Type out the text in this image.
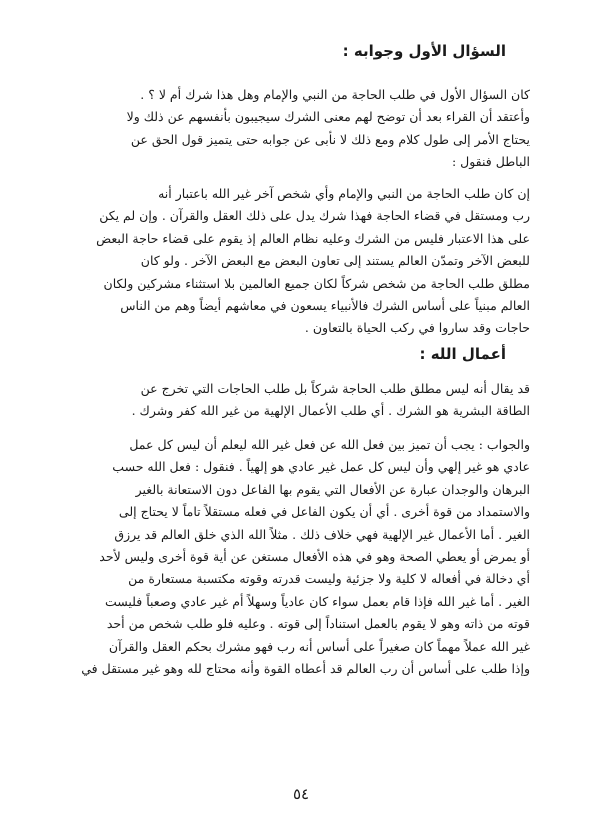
السؤال الأول وجوابه :
كان السؤال الأول في طلب الحاجة من النبي والإمام وهل هذا شرك أم لا ؟ .
وأعتقد أن القراء بعد أن توضح لهم معنى الشرك سيجيبون بأنفسهم عن ذلك ولا
يحتاج الأمر إلى طول كلام ومع ذلك لا نأبى عن جوابه حتى يتميز قول الحق عن
الباطل فنقول :
إن كان طلب الحاجة من النبي والإمام وأي شخص آخر غير الله باعتبار أنه
رب ومستقل في قضاء الحاجة فهذا شرك يدل على ذلك العقل والقرآن . وإن لم يكن
على هذا الاعتبار فليس من الشرك وعليه نظام العالم إذ يقوم على قضاء حاجة البعض
للبعض الآخر وتمدّن العالم يستند إلى تعاون البعض مع البعض الآخر . ولو كان
مطلق طلب الحاجة من شخص شركاً لكان جميع العالمين بلا استثناء مشركين ولكان
العالم مبنياً على أساس الشرك فالأنبياء يسعون في معاشهم أيضاً وهم من الناس
حاجات وقد ساروا في ركب الحياة بالتعاون .
أعمال الله :
قد يقال أنه ليس مطلق طلب الحاجة شركاً بل طلب الحاجات التي تخرج عن
الطاقة البشرية هو الشرك . أي طلب الأعمال الإلهية من غير الله كفر وشرك .
والجواب : يجب أن تميز بين فعل الله عن فعل غير الله ليعلم أن ليس كل عمل
عادي هو غير إلهي وأن ليس كل عمل غير عادي هو إلهياً . فنقول : فعل الله حسب
البرهان والوجدان عبارة عن الأفعال التي يقوم بها الفاعل دون الاستعانة بالغير
والاستمداد من قوة أخرى . أي أن يكون الفاعل في فعله مستقلاً تاماً لا يحتاج إلى
الغير . أما الأعمال غير الإلهية فهي خلاف ذلك . مثلاً الله الذي خلق العالم قد يرزق
أو يمرض أو يعطي الصحة وهو في هذه الأفعال مستغن عن أية قوة أخرى وليس لأحد
أي دخالة في أفعاله لا كلية ولا جزئية وليست قدرته وقوته مكتسبة مستعارة من
الغير . أما غير الله فإذا قام بعمل سواء كان عادياً وسهلاً أم غير عادي وصعباً فليست
قوته من ذاته وهو لا يقوم بالعمل استناداً إلى قوته . وعليه فلو طلب شخص من أحد
غير الله عملاً مهماً كان صغيراً على أساس أنه رب فهو مشرك بحكم العقل والقرآن
وإذا طلب على أساس أن رب العالم قد أعطاه القوة وأنه محتاج لله وهو غير مستقل في
٥٤
